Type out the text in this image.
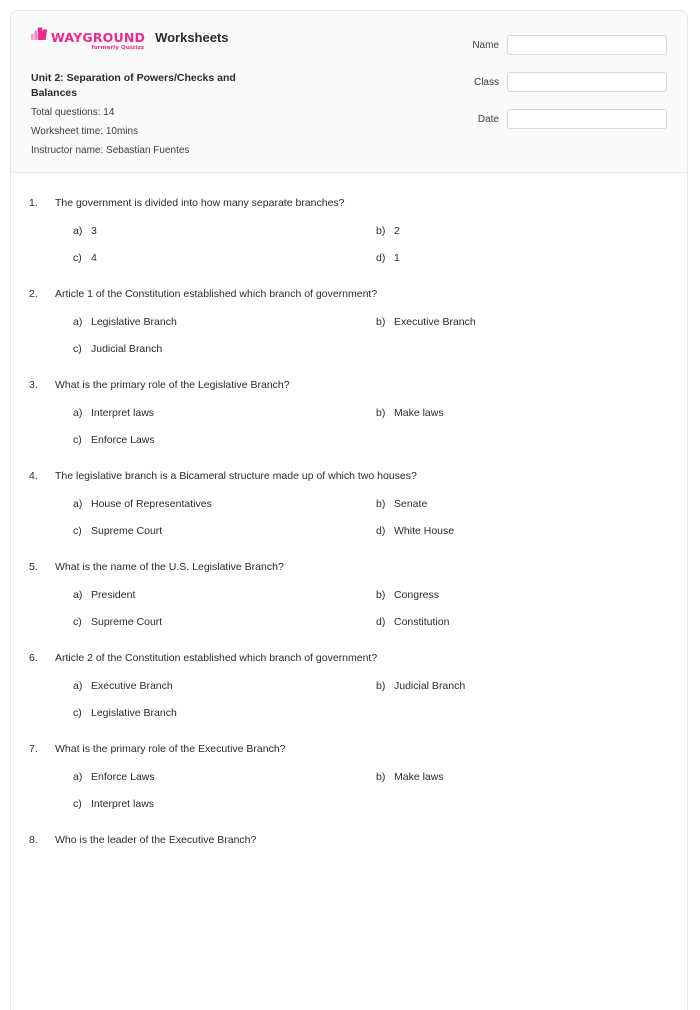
WAYGROUND
formerly Quizizz
Worksheets
Unit 2: Separation of Powers/Checks and Balances
Total questions: 14
Worksheet time: 10mins
Instructor name: Sebastian Fuentes
Name
Class
Date
1.	The government is divided into how many separate branches?
a) 3	b) 2
c) 4	d) 1
2.	Article 1 of the Constitution established which branch of government?
a) Legislative Branch	b) Executive Branch
c) Judicial Branch
3.	What is the primary role of the Legislative Branch?
a) Interpret laws	b) Make laws
c) Enforce Laws
4.	The legislative branch is a Bicameral structure made up of which two houses?
a) House of Representatives	b) Senate
c) Supreme Court	d) White House
5.	What is the name of the U.S. Legislative Branch?
a) President	b) Congress
c) Supreme Court	d) Constitution
6.	Article 2 of the Constitution established which branch of government?
a) Executive Branch	b) Judicial Branch
c) Legislative Branch
7.	What is the primary role of the Executive Branch?
a) Enforce Laws	b) Make laws
c) Interpret laws
8.	Who is the leader of the Executive Branch?
